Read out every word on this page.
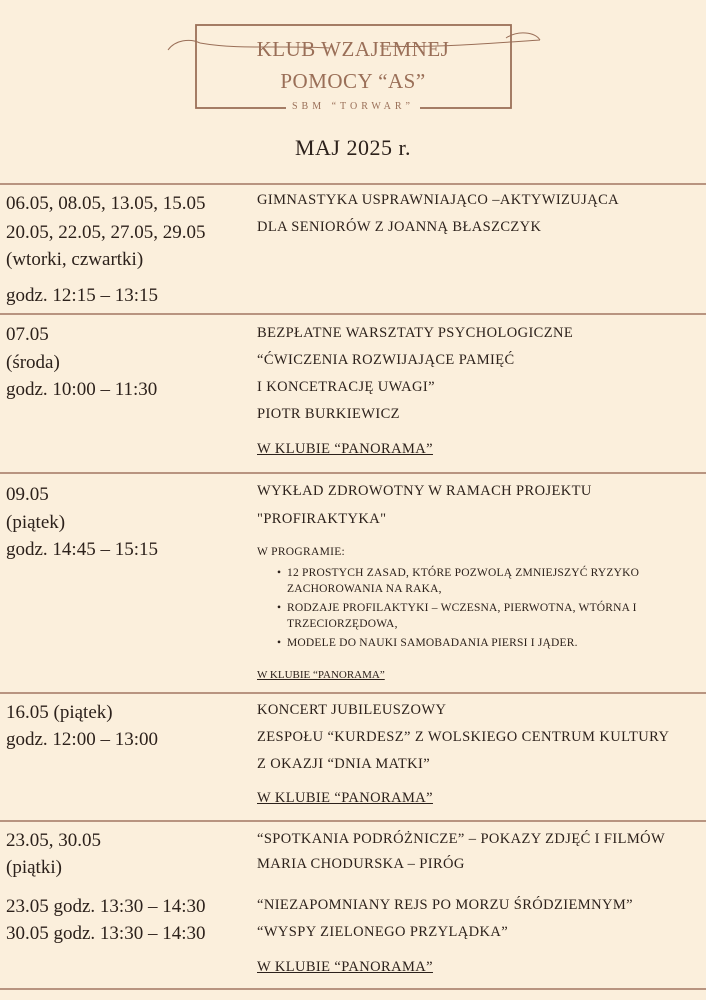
KLUB WZAJEMNEJ
POMOCY “AS”
SBM “TORWAR”
MAJ 2025 r.
06.05, 08.05, 13.05, 15.05
20.05, 22.05, 27.05, 29.05
(wtorki, czwartki)
godz. 12:15 – 13:15
GIMNASTYKA USPRAWNIAJĄCO –AKTYWIZUJĄCA
DLA SENIORÓW Z JOANNĄ BŁASZCZYK
07.05
(środa)
godz. 10:00 – 11:30
BEZPŁATNE WARSZTATY PSYCHOLOGICZNE
“ĆWICZENIA ROZWIJAJĄCE PAMIĘĆ
I KONCETRACJĘ UWAGI”
PIOTR BURKIEWICZ
W KLUBIE “PANORAMA”
09.05
(piątek)
godz. 14:45 – 15:15
WYKŁAD ZDROWOTNY W RAMACH PROJEKTU
"PROFIRAKTYKA"
W PROGRAMIE:
• 12 PROSTYCH ZASAD, KTÓRE POZWOLĄ ZMNIEJSZYĆ RYZYKO ZACHOROWANIA NA RAKA,
• RODZAJE PROFILAKTYKI – WCZESNA, PIERWOTNA, WTÓRNA I TRZECIORZĘDOWA,
• MODELE DO NAUKI SAMOBADANIA PIERSI I JĄDER.
W KLUBIE “PANORAMA”
16.05 (piątek)
godz. 12:00 – 13:00
KONCERT JUBILEUSZOWY
ZESPOŁU “KURDESZ” Z WOLSKIEGO CENTRUM KULTURY
Z OKAZJI “DNIA MATKI”
W KLUBIE “PANORAMA”
23.05, 30.05
(piątki)
23.05 godz. 13:30 – 14:30
30.05 godz. 13:30 – 14:30
“SPOTKANIA PODRÓŻNICZE” – POKAZY ZDJĘĆ I FILMÓW
MARIA CHODURSKA – PIRÓG
“NIEZAPOMNIANY REJS PO MORZU ŚRÓDZIEMNYM”
“WYSPY ZIELONEGO PRZYLĄDKA”
W KLUBIE “PANORAMA”
